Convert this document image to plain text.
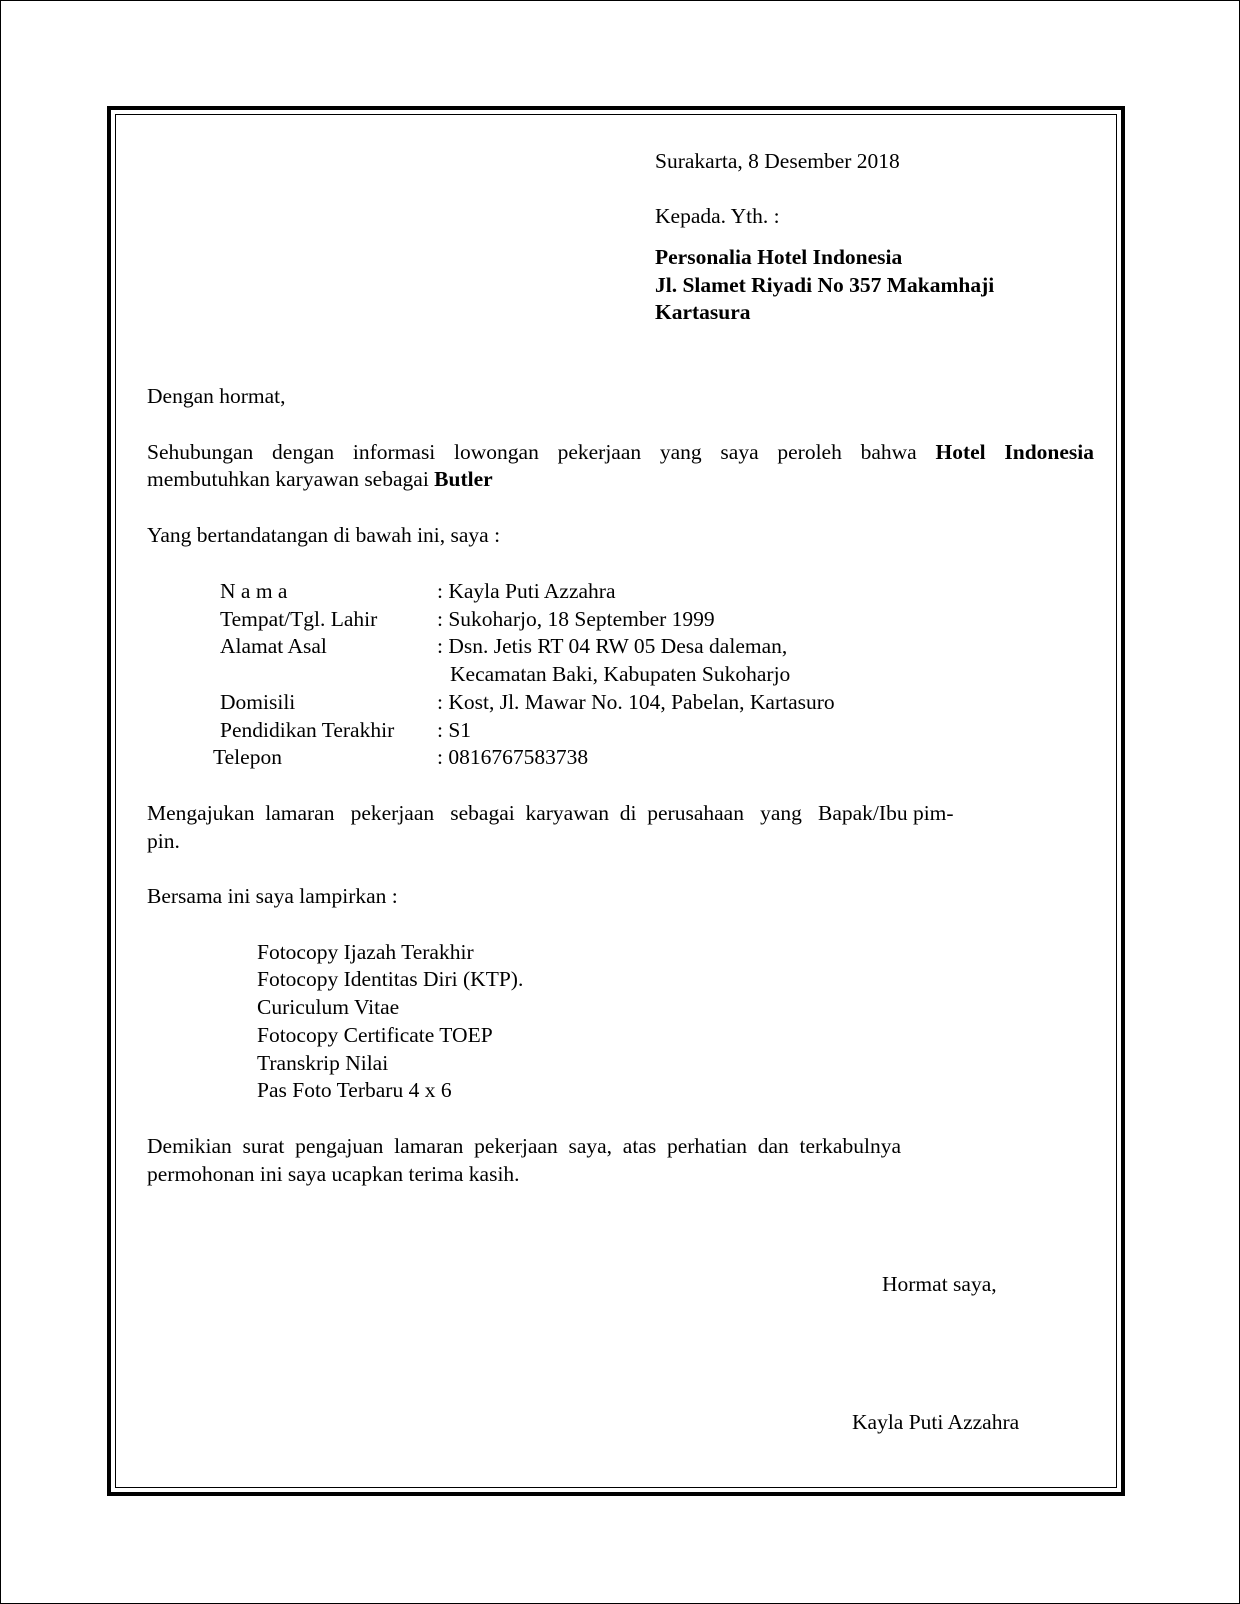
Surakarta, 8 Desember 2018
Kepada. Yth. :
Personalia Hotel Indonesia
Jl. Slamet Riyadi No 357 Makamhaji
Kartasura
Dengan hormat,
Sehubungan dengan informasi lowongan pekerjaan yang saya peroleh bahwa Hotel Indonesia
membutuhkan karyawan sebagai Butler
Yang bertandatangan di bawah ini, saya :
N a m a	: Kayla Puti Azzahra
Tempat/Tgl. Lahir	: Sukoharjo, 18 September 1999
Alamat Asal	: Dsn. Jetis RT 04 RW 05 Desa daleman,
Kecamatan Baki, Kabupaten Sukoharjo
Domisili	: Kost, Jl. Mawar No. 104, Pabelan, Kartasuro
Pendidikan Terakhir : S1
Telepon	: 0816767583738
Mengajukan  lamaran   pekerjaan   sebagai  karyawan  di  perusahaan   yang   Bapak/Ibu pim-
pin.
Bersama ini saya lampirkan :
Fotocopy Ijazah Terakhir
Fotocopy Identitas Diri (KTP).
Curiculum Vitae
Fotocopy Certificate TOEP
Transkrip Nilai
Pas Foto Terbaru 4 x 6
Demikian  surat  pengajuan  lamaran  pekerjaan  saya,  atas  perhatian  dan  terkabulnya
permohonan ini saya ucapkan terima kasih.
Hormat saya,
Kayla Puti Azzahra
